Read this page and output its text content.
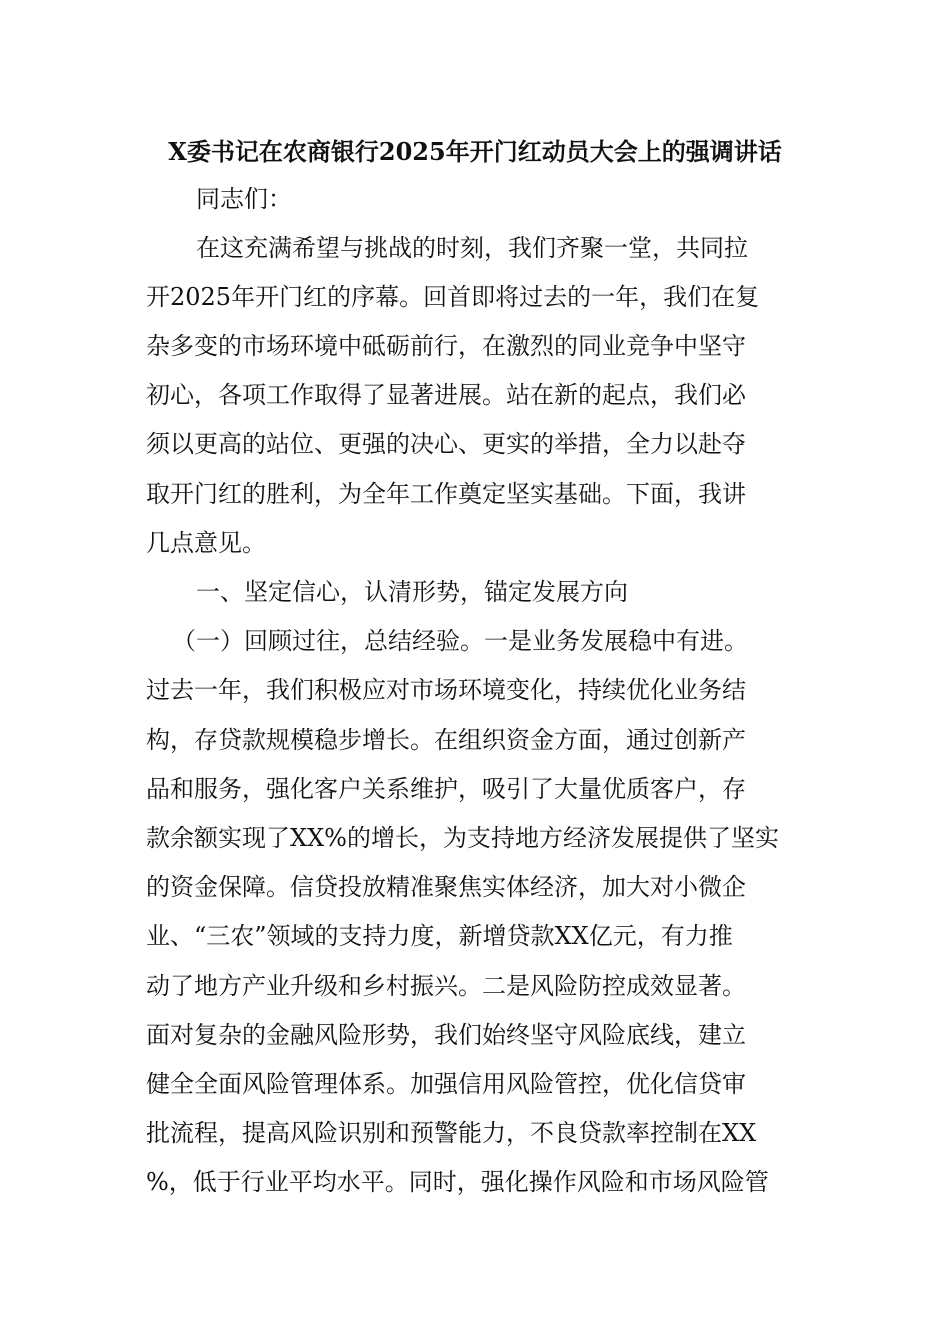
X委书记在农商银行2025年开门红动员大会上的强调讲话
同志们：
在这充满希望与挑战的时刻，我们齐聚一堂，共同拉
开2025年开门红的序幕。回首即将过去的一年，我们在复
杂多变的市场环境中砥砺前行，在激烈的同业竞争中坚守
初心，各项工作取得了显著进展。站在新的起点，我们必
须以更高的站位、更强的决心、更实的举措，全力以赴夺
取开门红的胜利，为全年工作奠定坚实基础。下面，我讲
几点意见。
一、坚定信心，认清形势，锚定发展方向
（一）回顾过往，总结经验。一是业务发展稳中有进。
过去一年，我们积极应对市场环境变化，持续优化业务结
构，存贷款规模稳步增长。在组织资金方面，通过创新产
品和服务，强化客户关系维护，吸引了大量优质客户，存
款余额实现了XX%的增长，为支持地方经济发展提供了坚实
的资金保障。信贷投放精准聚焦实体经济，加大对小微企
业、“三农”领域的支持力度，新增贷款XX亿元，有力推
动了地方产业升级和乡村振兴。二是风险防控成效显著。
面对复杂的金融风险形势，我们始终坚守风险底线，建立
健全全面风险管理体系。加强信用风险管控，优化信贷审
批流程，提高风险识别和预警能力，不良贷款率控制在XX
%，低于行业平均水平。同时，强化操作风险和市场风险管
